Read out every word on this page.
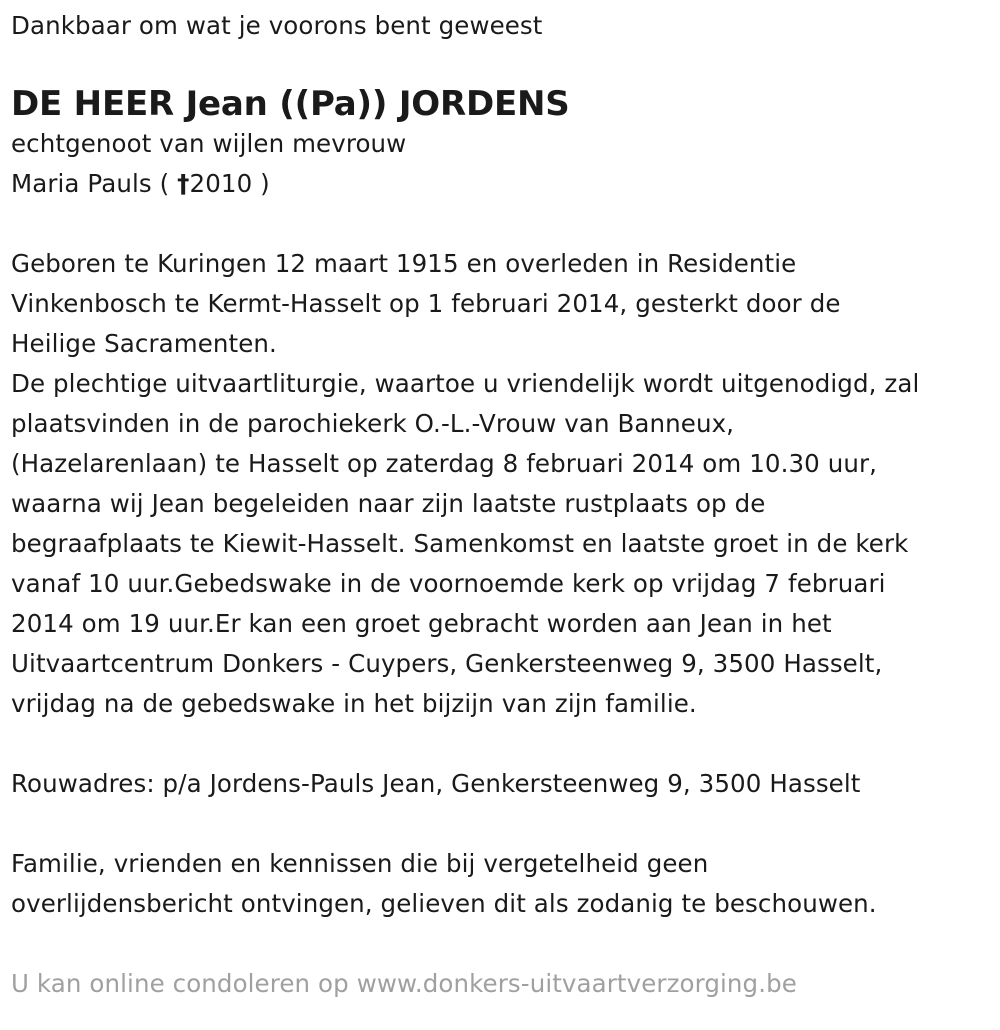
Dankbaar om wat je voorons bent geweest
DE HEER Jean ((Pa)) JORDENS
echtgenoot van wijlen mevrouw
Maria Pauls ( †2010 )
Geboren te Kuringen 12 maart 1915 en overleden in Residentie
Vinkenbosch te Kermt-Hasselt op 1 februari 2014, gesterkt door de
Heilige Sacramenten.
De plechtige uitvaartliturgie, waartoe u vriendelijk wordt uitgenodigd, zal
plaatsvinden in de parochiekerk O.-L.-Vrouw van Banneux,
(Hazelarenlaan) te Hasselt op zaterdag 8 februari 2014 om 10.30 uur,
waarna wij Jean begeleiden naar zijn laatste rustplaats op de
begraafplaats te Kiewit-Hasselt. Samenkomst en laatste groet in de kerk
vanaf 10 uur.Gebedswake in de voornoemde kerk op vrijdag 7 februari
2014 om 19 uur.Er kan een groet gebracht worden aan Jean in het
Uitvaartcentrum Donkers - Cuypers, Genkersteenweg 9, 3500 Hasselt,
vrijdag na de gebedswake in het bijzijn van zijn familie.
Rouwadres: p/a Jordens-Pauls Jean, Genkersteenweg 9, 3500 Hasselt
Familie, vrienden en kennissen die bij vergetelheid geen
overlijdensbericht ontvingen, gelieven dit als zodanig te beschouwen.
U kan online condoleren op www.donkers-uitvaartverzorging.be
